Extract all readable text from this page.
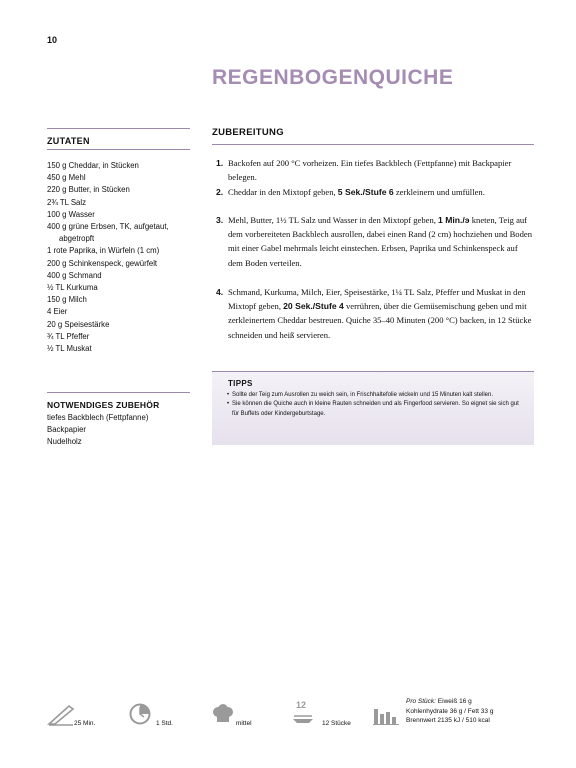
10
REGENBOGENQUICHE
ZUTATEN
150 g Cheddar, in Stücken
450 g Mehl
220 g Butter, in Stücken
2¾ TL Salz
100 g Wasser
400 g grüne Erbsen, TK, aufgetaut,
abgetropft
1 rote Paprika, in Würfeln (1 cm)
200 g Schinkenspeck, gewürfelt
400 g Schmand
½ TL Kurkuma
150 g Milch
4 Eier
20 g Speisestärke
¾ TL Pfeffer
½ TL Muskat
NOTWENDIGES ZUBEHÖR
tiefes Backblech (Fettpfanne)
Backpapier
Nudelholz
ZUBEREITUNG
1. Backofen auf 200 °C vorheizen. Ein tiefes Backblech (Fettpfanne) mit Backpapier belegen.
2. Cheddar in den Mixtopf geben, 5 Sek./Stufe 6 zerkleinern und umfüllen.
3. Mehl, Butter, 1½ TL Salz und Wasser in den Mixtopf geben, 1 Min./ͽ kneten, Teig auf dem vorbereiteten Backblech ausrollen, dabei einen Rand (2 cm) hochziehen und Boden mit einer Gabel mehrmals leicht einstechen. Erbsen, Paprika und Schinkenspeck auf dem Boden verteilen.
4. Schmand, Kurkuma, Milch, Eier, Speisestärke, 1¼ TL Salz, Pfeffer und Muskat in den Mixtopf geben, 20 Sek./Stufe 4 verrühren, über die Gemüsemischung geben und mit zerkleinertem Cheddar bestreuen. Quiche 35–40 Minuten (200 °C) backen, in 12 Stücke schneiden und heiß servieren.
TIPPS
• Sollte der Teig zum Ausrollen zu weich sein, in Frischhaltefolie wickeln und 15 Minuten kalt stellen.
• Sie können die Quiche auch in kleine Rauten schneiden und als Fingerfood servieren. So eignet sie sich gut für Buffets oder Kindergeburtstage.
25 Min.	1 Std.	mittel
12
12 Stücke
Pro Stück: Eiweiß 16 g
Kohlenhydrate 36 g / Fett 33 g
Brennwert 2135 kJ / 510 kcal
